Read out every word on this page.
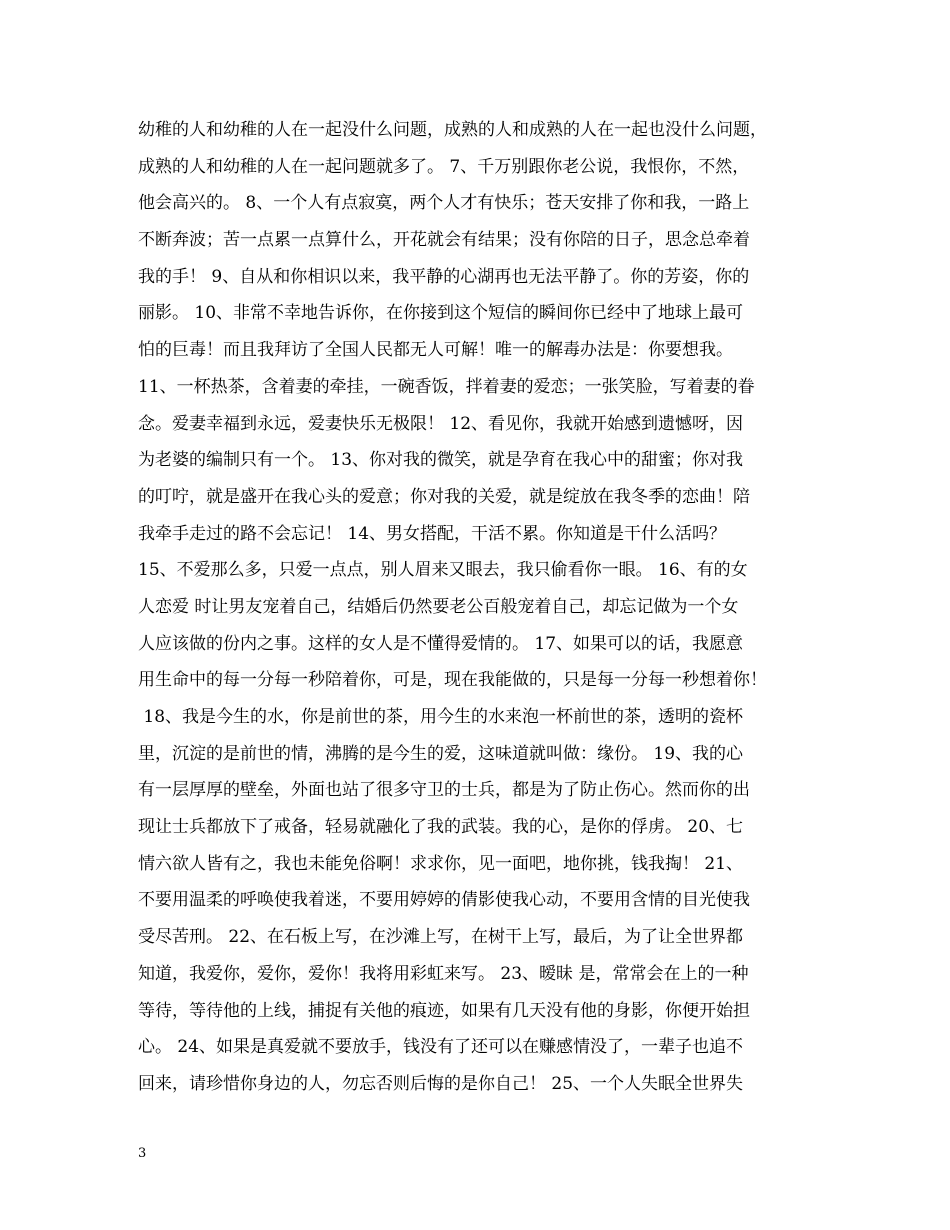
幼稚的人和幼稚的人在一起没什么问题，成熟的人和成熟的人在一起也没什么问题，
成熟的人和幼稚的人在一起问题就多了。 7、千万别跟你老公说，我恨你，不然，
他会高兴的。 8、一个人有点寂寞，两个人才有快乐；苍天安排了你和我，一路上
不断奔波；苦一点累一点算什么，开花就会有结果；没有你陪的日子，思念总牵着
我的手！ 9、自从和你相识以来，我平静的心湖再也无法平静了。你的芳姿，你的
丽影。 10、非常不幸地告诉你，在你接到这个短信的瞬间你已经中了地球上最可
怕的巨毒！而且我拜访了全国人民都无人可解！唯一的解毒办法是：你要想我。
11、一杯热茶，含着妻的牵挂，一碗香饭，拌着妻的爱恋；一张笑脸，写着妻的眷
念。爱妻幸福到永远，爱妻快乐无极限！ 12、看见你，我就开始感到遗憾呀，因
为老婆的编制只有一个。 13、你对我的微笑，就是孕育在我心中的甜蜜；你对我
的叮咛，就是盛开在我心头的爱意；你对我的关爱，就是绽放在我冬季的恋曲！陪
我牵手走过的路不会忘记！ 14、男女搭配，干活不累。你知道是干什么活吗？
15、不爱那么多，只爱一点点，别人眉来又眼去，我只偷看你一眼。 16、有的女
人恋爱 时让男友宠着自己，结婚后仍然要老公百般宠着自己，却忘记做为一个女
人应该做的份内之事。这样的女人是不懂得爱情的。 17、如果可以的话，我愿意
用生命中的每一分每一秒陪着你，可是，现在我能做的，只是每一分每一秒想着你！
18、我是今生的水，你是前世的茶，用今生的水来泡一杯前世的茶，透明的瓷杯
里，沉淀的是前世的情，沸腾的是今生的爱，这味道就叫做：缘份。 19、我的心
有一层厚厚的壁垒，外面也站了很多守卫的士兵，都是为了防止伤心。然而你的出
现让士兵都放下了戒备，轻易就融化了我的武装。我的心，是你的俘虏。 20、七
情六欲人皆有之，我也未能免俗啊！求求你，见一面吧，地你挑，钱我掏！ 21、
不要用温柔的呼唤使我着迷，不要用婷婷的倩影使我心动，不要用含情的目光使我
受尽苦刑。 22、在石板上写，在沙滩上写，在树干上写，最后，为了让全世界都
知道，我爱你，爱你，爱你！我将用彩虹来写。 23、暧昧 是，常常会在上的一种
等待，等待他的上线，捕捉有关他的痕迹，如果有几天没有他的身影，你便开始担
心。 24、如果是真爱就不要放手，钱没有了还可以在赚感情没了，一辈子也追不
回来，请珍惜你身边的人，勿忘否则后悔的是你自己！ 25、一个人失眠全世界失
3
